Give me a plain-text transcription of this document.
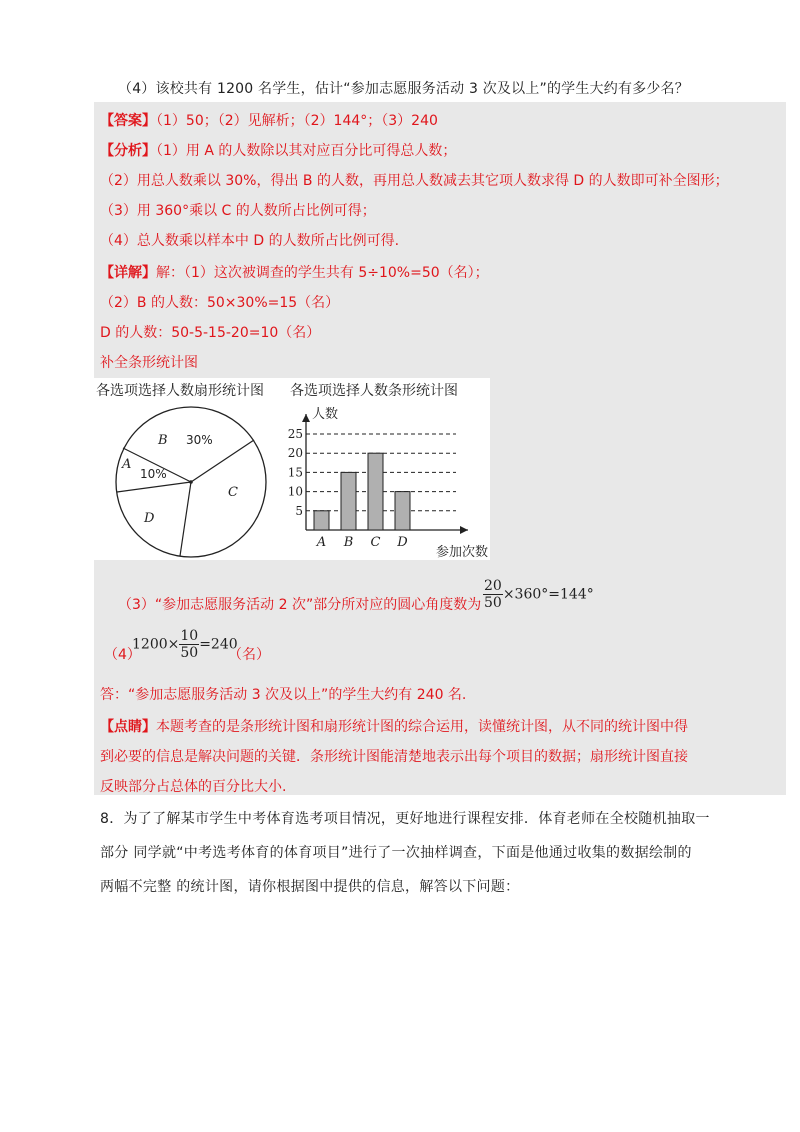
（4）该校共有 1200 名学生，估计“参加志愿服务活动 3 次及以上”的学生大约有多少名？
【答案】（1）50；（2）见解析；（2）144°；（3）240
【分析】（1）用 A 的人数除以其对应百分比可得总人数；
（2）用总人数乘以 30%，得出 B 的人数，再用总人数减去其它项人数求得 D 的人数即可补全图形；
（3）用 360°乘以 C 的人数所占比例可得；
（4）总人数乘以样本中 D 的人数所占比例可得.
【详解】解：（1）这次被调查的学生共有 5÷10%=50（名）；
（2）B 的人数：50×30%=15（名）
D 的人数：50-5-15-20=10（名）
补全条形统计图
各选项选择人数扇形统计图 各选项选择人数条形统计图
B 30%
A
10%
C
D
5
10
15
20
25
人数
A B C D
参加次数
（3）“参加志愿服务活动 2 次”部分所对应的圆心角度数为 $\frac{20}{50} \times 360^\circ=144^\circ$
（4）
$1200\times \frac{10}{50} =240$
（名）
答：“参加志愿服务活动 3 次及以上”的学生大约有 240 名.
【点睛】本题考查的是条形统计图和扇形统计图的综合运用，读懂统计图，从不同的统计图中得
到必要的信息是解决问题的关键．条形统计图能清楚地表示出每个项目的数据；扇形统计图直接
反映部分占总体的百分比大小.
8．为了了解某市学生中考体育选考项目情况，更好地进行课程安排．体育老师在全校随机抽取一
部分 同学就“中考选考体育的体育项目”进行了一次抽样调查，下面是他通过收集的数据绘制的
两幅不完整 的统计图，请你根据图中提供的信息，解答以下问题：
